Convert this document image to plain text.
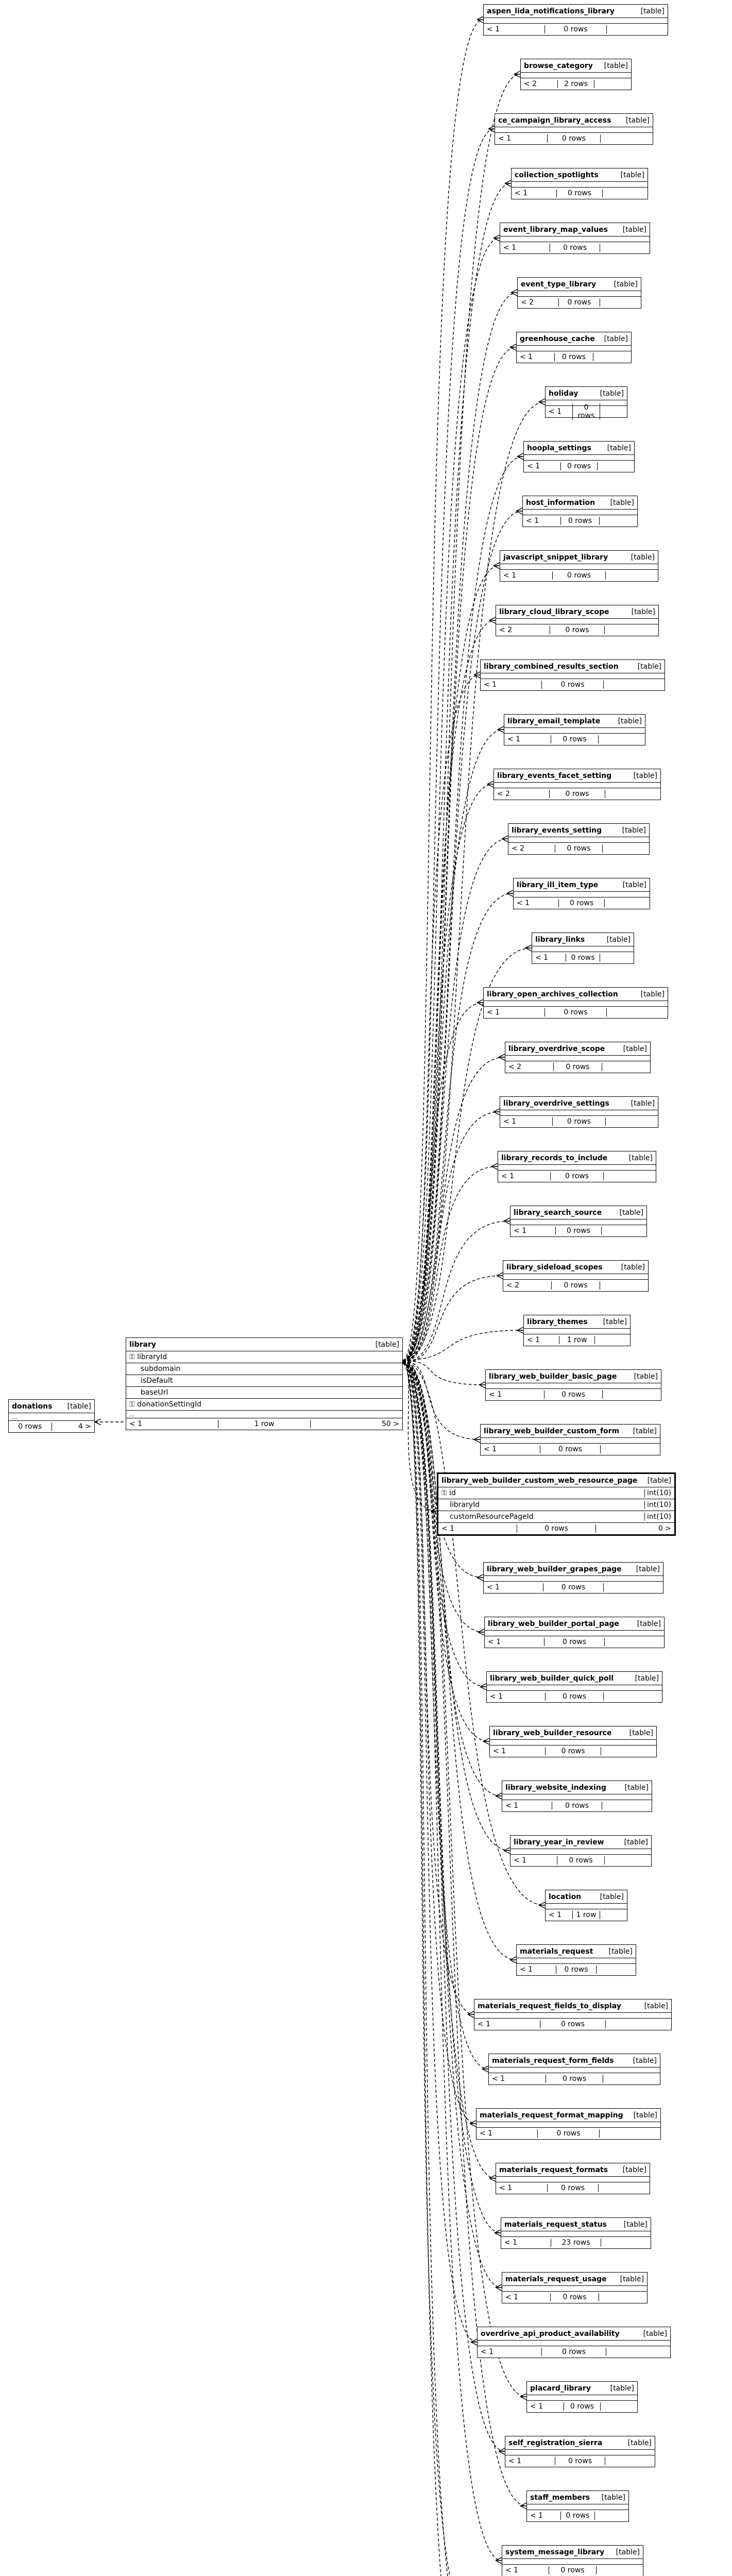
donations [table]
...
0 rows	4 >
library	[table]
⚿ libraryId
subdomain
isDefault
baseUrl
⚿ donationSettingId
...
< 1	1 row	50 >
aspen_lida_notifications_library	[table]
< 1	0 rows
browse_category [table]
< 2	2 rows
ce_campaign_library_access [table]
< 1	0 rows
collection_spotlights	[table]
< 1	0 rows
event_library_map_values [table]
< 1	0 rows
event_type_library [table]
< 2	0 rows
greenhouse_cache [table]
< 1	0 rows
holiday	[table]
< 1	0 rows
hoopla_settings [table]
< 1	0 rows
host_information [table]
< 1	0 rows
javascript_snippet_library	[table]
< 1	0 rows
library_cloud_library_scope	[table]
< 2	0 rows
library_combined_results_section	[table]
< 1	0 rows
library_email_template [table]
< 1	0 rows
library_events_facet_setting	[table]
< 2	0 rows
library_events_setting	[table]
< 2	0 rows
library_ill_item_type	[table]
< 1	0 rows
library_links	[table]
< 1	0 rows
library_open_archives_collection	[table]
< 1	0 rows
library_overdrive_scope	[table]
< 2	0 rows
library_overdrive_settings	[table]
< 1	0 rows
library_records_to_include	[table]
< 1	0 rows
library_search_source [table]
< 1	0 rows
library_sideload_scopes	[table]
< 2	0 rows
library_themes [table]
< 1	1 row
library_web_builder_basic_page [table]
< 1	0 rows
library_web_builder_custom_form [table]
< 1	0 rows
library_web_builder_custom_web_resource_page [table]
⚿ id	int(10)
libraryId	int(10)
customResourcePageId	int(10)
< 1	0 rows	0 >
library_web_builder_grapes_page [table]
< 1	0 rows
library_web_builder_portal_page [table]
< 1	0 rows
library_web_builder_quick_poll	[table]
< 1	0 rows
library_web_builder_resource [table]
< 1	0 rows
library_website_indexing	[table]
< 1	0 rows
library_year_in_review	[table]
< 1	0 rows
location	[table]
< 1	1 row
materials_request [table]
< 1	0 rows
materials_request_fields_to_display	[table]
< 1	0 rows
materials_request_form_fields	[table]
< 1	0 rows
materials_request_format_mapping [table]
< 1	0 rows
materials_request_formats [table]
< 1	0 rows
materials_request_status [table]
< 1	23 rows
materials_request_usage [table]
< 1	0 rows
overdrive_api_product_availability	[table]
< 1	0 rows
placard_library	[table]
< 1	0 rows
self_registration_sierra	[table]
< 1	0 rows
staff_members [table]
< 1	0 rows
system_message_library [table]
< 1	0 rows
